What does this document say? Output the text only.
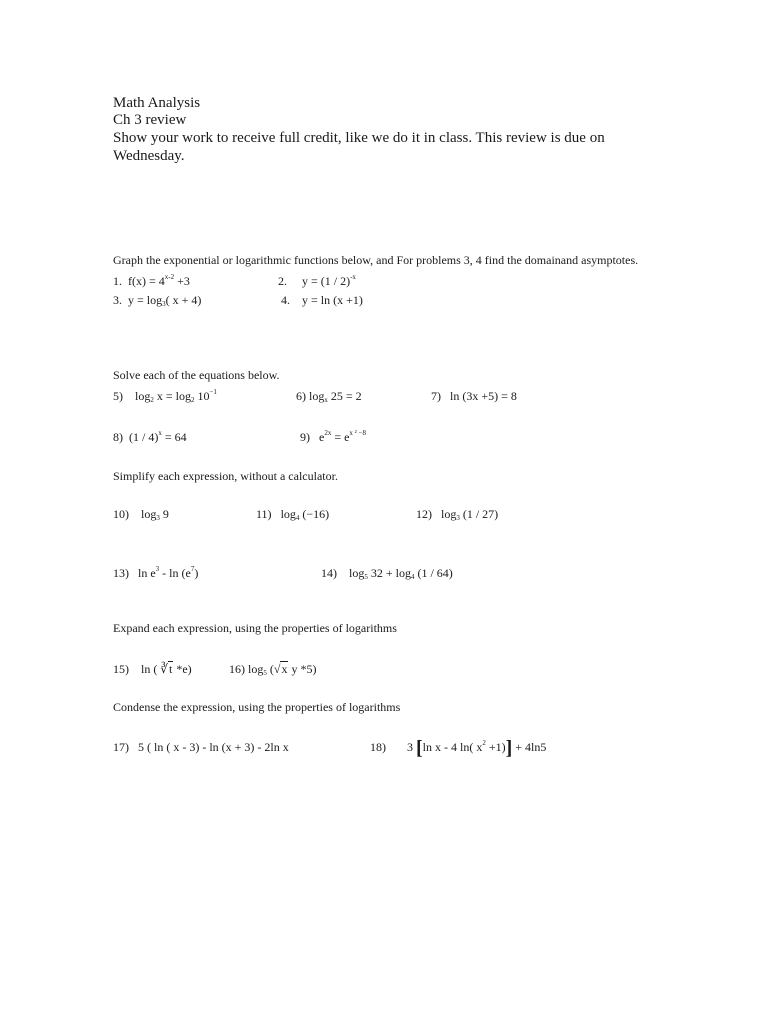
Math Analysis
Ch 3 review
Show your work to receive full credit, like we do it in class. This review is due on
Wednesday.
Graph the exponential or logarithmic functions below, and For problems 3, 4 find the domainand asymptotes.
1. $f(x) = 4^{x-2} +3$	2. y = (1 / 2)$^{-x}$
3. $y = \log_3$( x + 4)	4. y = ln (x +1)
Solve each of the equations below.
5) $\log_2 x = \log_2 10^{-1}$	6) $\log_x 25 = 2$	7) ln (3x +5) = 8
8) (1 / 4)$^x$ = 64	9) $e^{2x} = e^{x ^2 -8}$
Simplify each expression, without a calculator.
10) $\log_3 9$	11) $\log_4 (-16)$	12) $\log_3 (1 / 27)$
13) $\ln e^3$ - $\ln (e^7)$	14) $\log_5 32 + \log_4 (1 / 64)$
Expand each expression, using the properties of logarithms
15) ln ( ∛t *e)	16) $\log_5 (√x$ y *5)
Condense the expression, using the properties of logarithms
17) 5 ( ln ( x - 3) - ln (x + 3) - 2ln x	18) 3 [ln x - 4 ln( $x^2 +1)] + 4\ln 5$
